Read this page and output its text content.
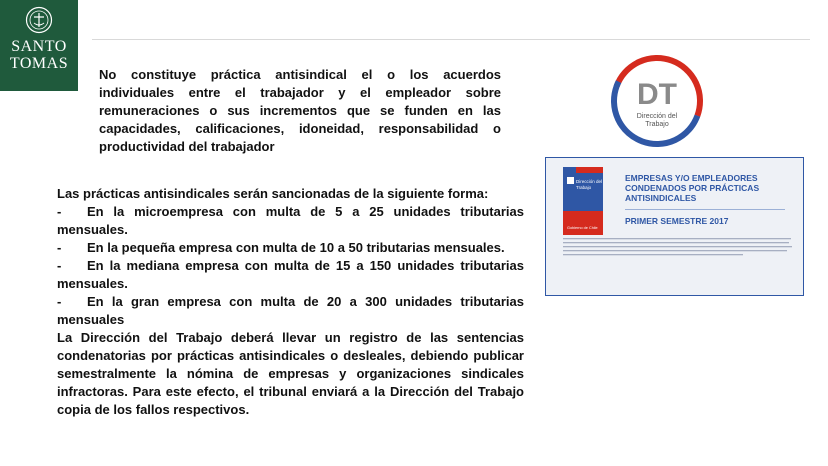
SANTO
TOMAS
No constituye práctica antisindical el o los acuerdos individuales entre el trabajador y el empleador sobre remuneraciones o sus incrementos que se funden en las capacidades, calificaciones, idoneidad, responsabilidad o productividad del trabajador

Las prácticas antisindicales serán sancionadas de la siguiente forma:

- En la microempresa con multa de 5 a 25 unidades tributarias mensuales.
- En la pequeña empresa con multa de 10 a 50 tributarias mensuales.
- En la mediana empresa con multa de 15 a 150 unidades tributarias mensuales.
- En la gran empresa con multa de 20 a 300 unidades tributarias mensuales

La Dirección del Trabajo deberá llevar un registro de las sentencias condenatorias por prácticas antisindicales o desleales, debiendo publicar semestralmente la nómina de empresas y organizaciones sindicales infractoras. Para este efecto, el tribunal enviará a la Dirección del Trabajo copia de los fallos respectivos.

DT
Dirección del
Trabajo
Dirección del
Trabajo
Gobierno de Chile
EMPRESAS Y/O EMPLEADORES CONDENADOS POR PRÁCTICAS ANTISINDICALES
PRIMER SEMESTRE 2017
